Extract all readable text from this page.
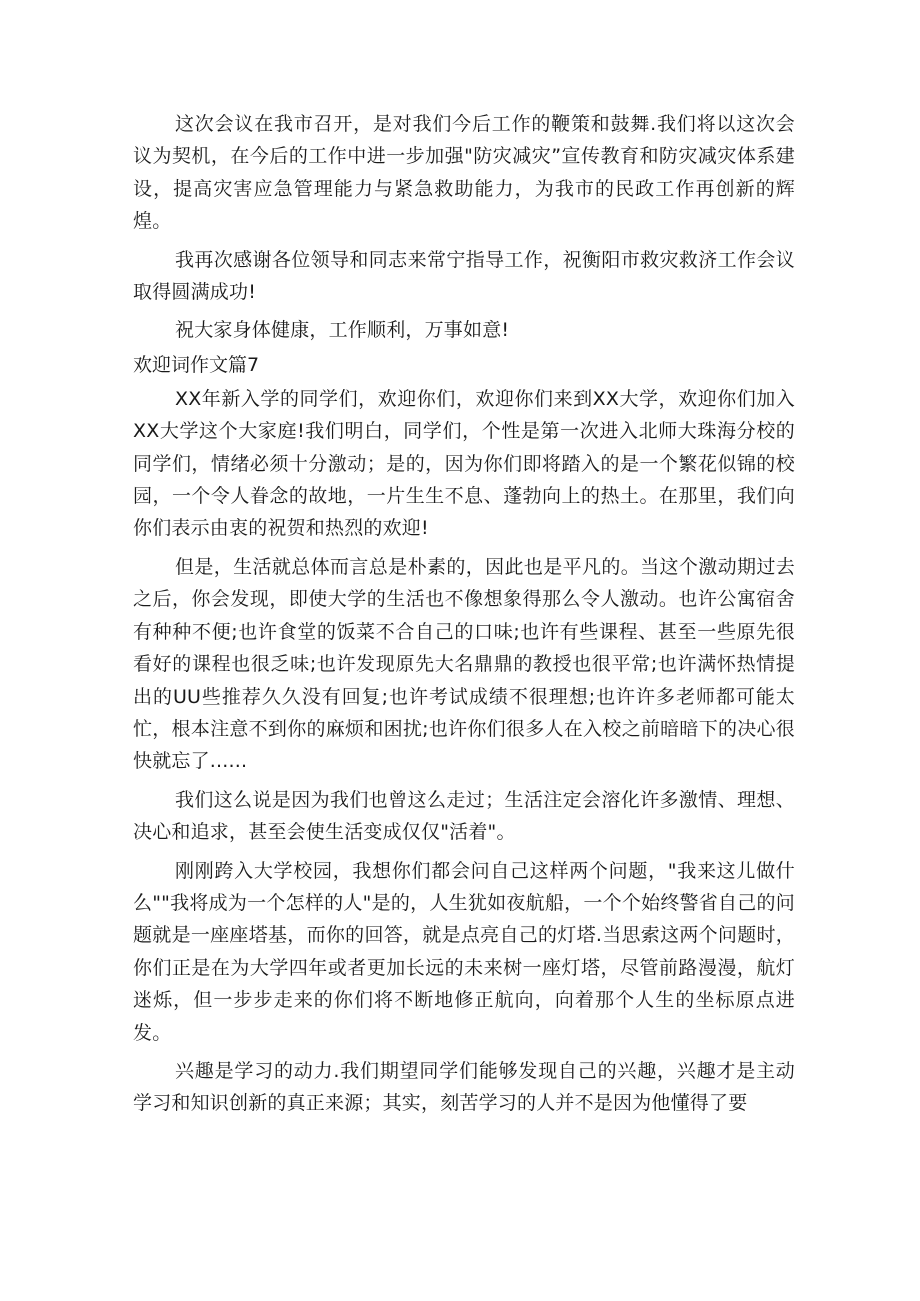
这次会议在我市召开，是对我们今后工作的鞭策和鼓舞.我们将以这次会议为契机，在今后的工作中进一步加强"防灾减灾”宣传教育和防灾减灾体系建设，提高灾害应急管理能力与紧急救助能力，为我市的民政工作再创新的辉煌。

我再次感谢各位领导和同志来常宁指导工作，祝衡阳市救灾救济工作会议取得圆满成功!

祝大家身体健康，工作顺利，万事如意!

欢迎词作文篇7

XX年新入学的同学们，欢迎你们，欢迎你们来到XX大学，欢迎你们加入XX大学这个大家庭!我们明白，同学们，个性是第一次进入北师大珠海分校的同学们，情绪必须十分激动；是的，因为你们即将踏入的是一个繁花似锦的校园，一个令人眷念的故地，一片生生不息、蓬勃向上的热土。在那里，我们向你们表示由衷的祝贺和热烈的欢迎!

但是，生活就总体而言总是朴素的，因此也是平凡的。当这个激动期过去之后，你会发现，即使大学的生活也不像想象得那么令人激动。也许公寓宿舍有种种不便;也许食堂的饭菜不合自己的口味;也许有些课程、甚至一些原先很看好的课程也很乏味;也许发现原先大名鼎鼎的教授也很平常;也许满怀热情提出的UU些推荐久久没有回复;也许考试成绩不很理想;也许许多老师都可能太忙，根本注意不到你的麻烦和困扰;也许你们很多人在入校之前暗暗下的决心很快就忘了......

我们这么说是因为我们也曾这么走过；生活注定会溶化许多激情、理想、决心和追求，甚至会使生活变成仅仅"活着"。

刚刚跨入大学校园，我想你们都会问自己这样两个问题，"我来这儿做什么""我将成为一个怎样的人"是的，人生犹如夜航船，一个个始终警省自己的问题就是一座座塔基，而你的回答，就是点亮自己的灯塔.当思索这两个问题时，你们正是在为大学四年或者更加长远的未来树一座灯塔，尽管前路漫漫，航灯迷烁，但一步步走来的你们将不断地修正航向，向着那个人生的坐标原点进发。

兴趣是学习的动力.我们期望同学们能够发现自己的兴趣，兴趣才是主动学习和知识创新的真正来源；其实，刻苦学习的人并不是因为他懂得了要
